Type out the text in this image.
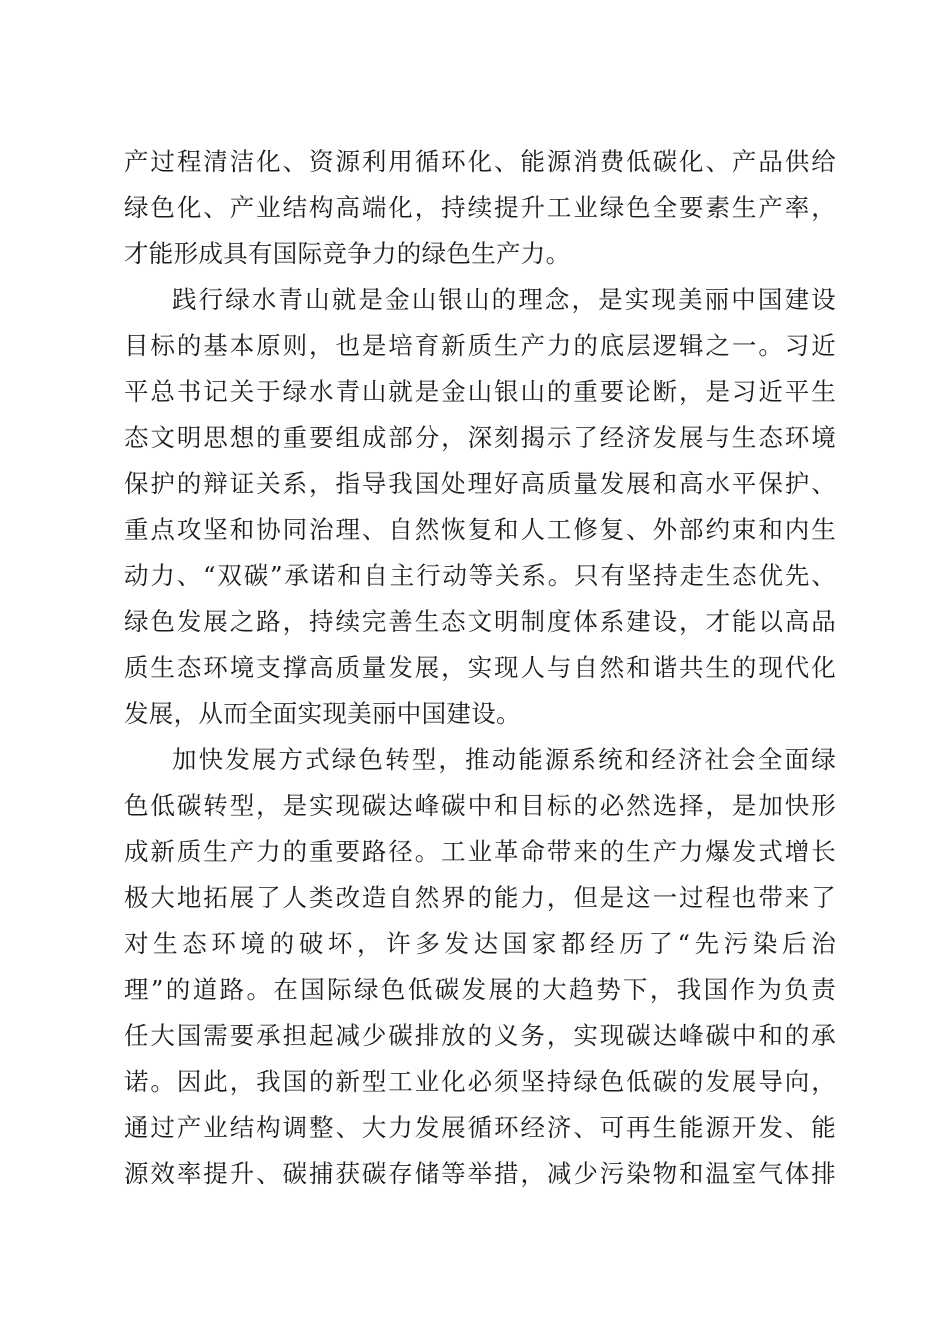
产过程清洁化、资源利用循环化、能源消费低碳化、产品供给
绿色化、产业结构高端化，持续提升工业绿色全要素生产率，
才能形成具有国际竞争力的绿色生产力。
践行绿水青山就是金山银山的理念，是实现美丽中国建设
目标的基本原则，也是培育新质生产力的底层逻辑之一。习近
平总书记关于绿水青山就是金山银山的重要论断，是习近平生
态文明思想的重要组成部分，深刻揭示了经济发展与生态环境
保护的辩证关系，指导我国处理好高质量发展和高水平保护、
重点攻坚和协同治理、自然恢复和人工修复、外部约束和内生
动力、“双碳”承诺和自主行动等关系。只有坚持走生态优先、
绿色发展之路，持续完善生态文明制度体系建设，才能以高品
质生态环境支撑高质量发展，实现人与自然和谐共生的现代化
发展，从而全面实现美丽中国建设。
加快发展方式绿色转型，推动能源系统和经济社会全面绿
色低碳转型，是实现碳达峰碳中和目标的必然选择，是加快形
成新质生产力的重要路径。工业革命带来的生产力爆发式增长
极大地拓展了人类改造自然界的能力，但是这一过程也带来了
对生态环境的破坏，许多发达国家都经历了“先污染后治
理”的道路。在国际绿色低碳发展的大趋势下，我国作为负责
任大国需要承担起减少碳排放的义务，实现碳达峰碳中和的承
诺。因此，我国的新型工业化必须坚持绿色低碳的发展导向，
通过产业结构调整、大力发展循环经济、可再生能源开发、能
源效率提升、碳捕获碳存储等举措，减少污染物和温室气体排
